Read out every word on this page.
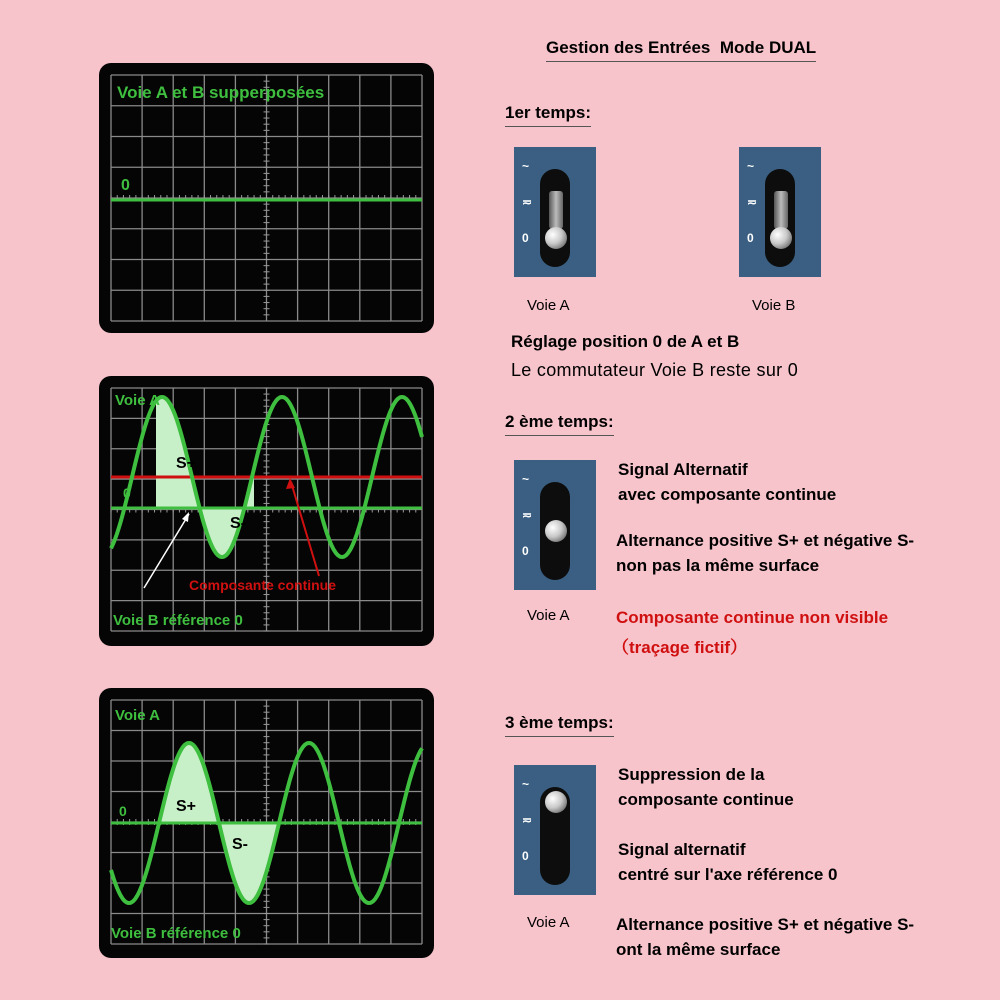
Gestion des Entrées Mode DUAL
Voie A et B supperposées
0
Voie A
0
S+
S-
Composante continue
Voie B référence 0
Voie A
0	S+
S-
Voie B référence 0
1er temps:
~
≂
0
Voie A
~
≂
0
Voie B
Réglage position 0 de A et B
Le commutateur Voie B reste sur 0
2 ème temps:
~
≂
0
Voie A
Signal Alternatif
avec composante continue
Alternance positive S+ et négative S-
non pas la même surface
Composante continue non visible
（traçage fictif）
3 ème temps:
~
≂
0
Voie A
Suppression de la
composante continue
Signal alternatif
centré sur l'axe référence 0
Alternance positive S+ et négative S-
ont la même surface
